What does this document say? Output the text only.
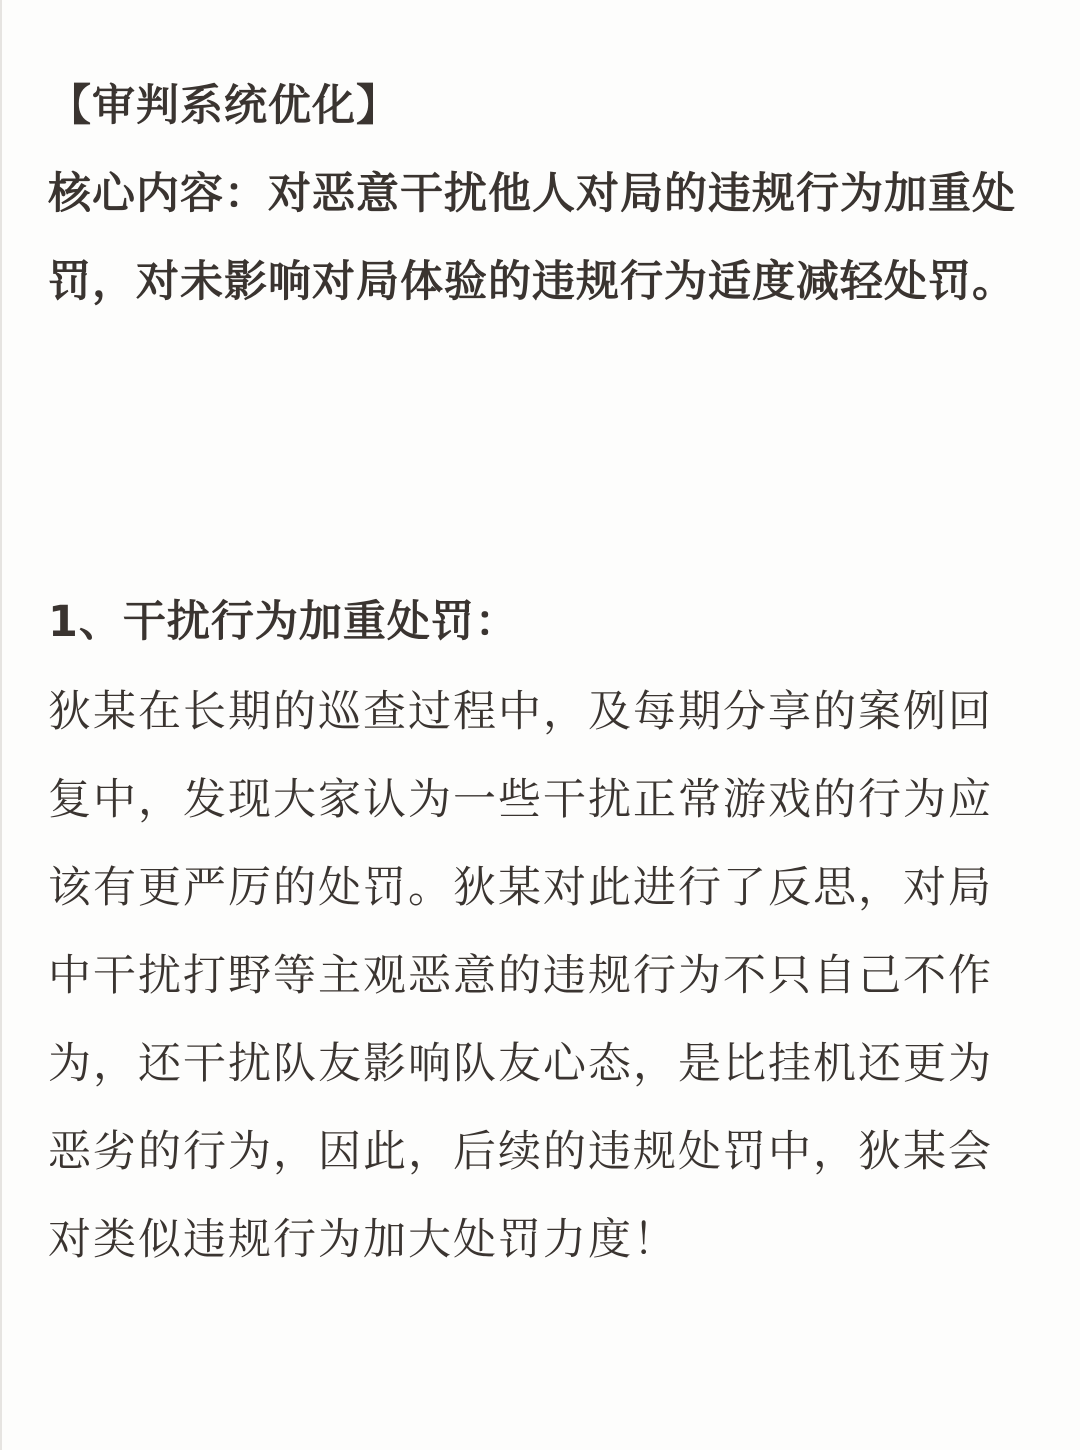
【审判系统优化】

核心内容：对恶意干扰他人对局的违规行为加重处罚，对未影响对局体验的违规行为适度减轻处罚。

1、干扰行为加重处罚：

狄某在长期的巡查过程中，及每期分享的案例回复中，发现大家认为一些干扰正常游戏的行为应该有更严厉的处罚。狄某对此进行了反思，对局中干扰打野等主观恶意的违规行为不只自己不作为，还干扰队友影响队友心态，是比挂机还更为恶劣的行为，因此，后续的违规处罚中，狄某会对类似违规行为加大处罚力度！
